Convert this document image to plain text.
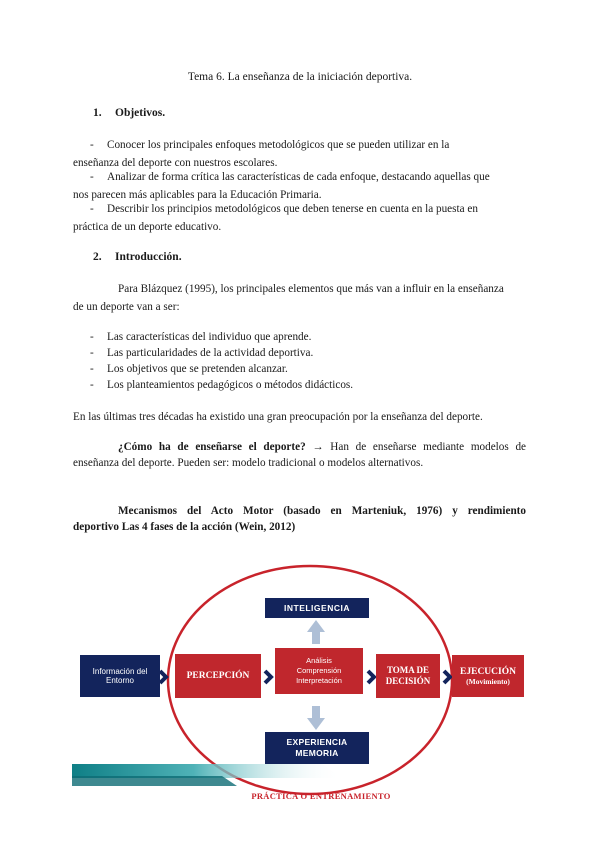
Tema 6. La enseñanza de la iniciación deportiva.
1. Objetivos.
- Conocer los principales enfoques metodológicos que se pueden utilizar en la
enseñanza del deporte con nuestros escolares.
- Analizar de forma crítica las características de cada enfoque, destacando aquellas que
nos parecen más aplicables para la Educación Primaria.
- Describir los principios metodológicos que deben tenerse en cuenta en la puesta en
práctica de un deporte educativo.
2. Introducción.
Para Blázquez (1995), los principales elementos que más van a influir en la enseñanza
de un deporte van a ser:
- Las características del individuo que aprende.
- Las particularidades de la actividad deportiva.
- Los objetivos que se pretenden alcanzar.
- Los planteamientos pedagógicos o métodos didácticos.
En las últimas tres décadas ha existido una gran preocupación por la enseñanza del deporte.
¿Cómo ha de enseñarse el deporte? → Han de enseñarse mediante modelos de
enseñanza del deporte. Pueden ser: modelo tradicional o modelos alternativos.
Mecanismos del Acto Motor (basado en Marteniuk, 1976) y rendimiento
deportivo Las 4 fases de la acción (Wein, 2012)
INTELIGENCIA
Información del
Entorno	PERCEPCIÓN
Análisis
Comprensión
Interpretación
TOMA DE
DECISIÓN
EJECUCIÓN
(Movimiento)
EXPERIENCIA
MEMORIA
PRÁCTICA O ENTRENAMIENTO
